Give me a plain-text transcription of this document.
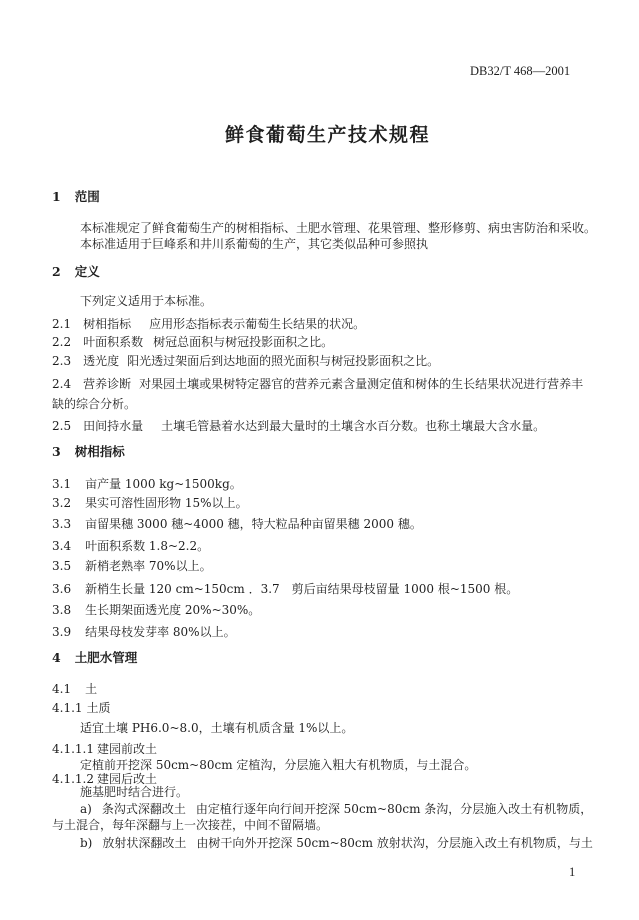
DB32/T 468—2001
鲜食葡萄生产技术规程
1 范围
本标准规定了鲜食葡萄生产的树相指标、土肥水管理、花果管理、整形修剪、病虫害防治和采收。
本标准适用于巨峰系和井川系葡萄的生产，其它类似品种可参照执
2 定义
下列定义适用于本标准。
2.1 树相指标 应用形态指标表示葡萄生长结果的状况。
2.2 叶面积系数 树冠总面积与树冠投影面积之比。
2.3 透光度 阳光透过架面后到达地面的照光面积与树冠投影面积之比。
2.4 营养诊断 对果园土壤或果树特定器官的营养元素含量测定值和树体的生长结果状况进行营养丰
缺的综合分析。
2.5 田间持水量 土壤毛管悬着水达到最大量时的土壤含水百分数。也称土壤最大含水量。
3 树相指标
3.1 亩产量 1000 kg~1500kg。
3.2 果实可溶性固形物 15%以上。
3.3 亩留果穗 3000 穗~4000 穗，特大粒品种亩留果穗 2000 穗。
3.4 叶面积系数 1.8~2.2。
3.5 新梢老熟率 70%以上。
3.6 新梢生长量 120 cm~150cm ．3.7　剪后亩结果母枝留量 1000 根~1500 根。
3.8 生长期架面透光度 20%~30%。
3.9 结果母枝发芽率 80%以上。
4 土肥水管理
4.1 土
4.1.1 土质
适宜土壤 PH6.0~8.0，土壤有机质含量 1%以上。
4.1.1.1 建园前改土
定植前开挖深 50cm~80cm 定植沟，分层施入粗大有机物质，与土混合。
4.1.1.2 建园后改土
施基肥时结合进行。
a) 条沟式深翻改土 由定植行逐年向行间开挖深 50cm~80cm 条沟，分层施入改土有机物质，
与土混合，每年深翻与上一次接茬，中间不留隔墙。
b) 放射状深翻改土 由树干向外开挖深 50cm~80cm 放射状沟，分层施入改土有机物质，与土
1
